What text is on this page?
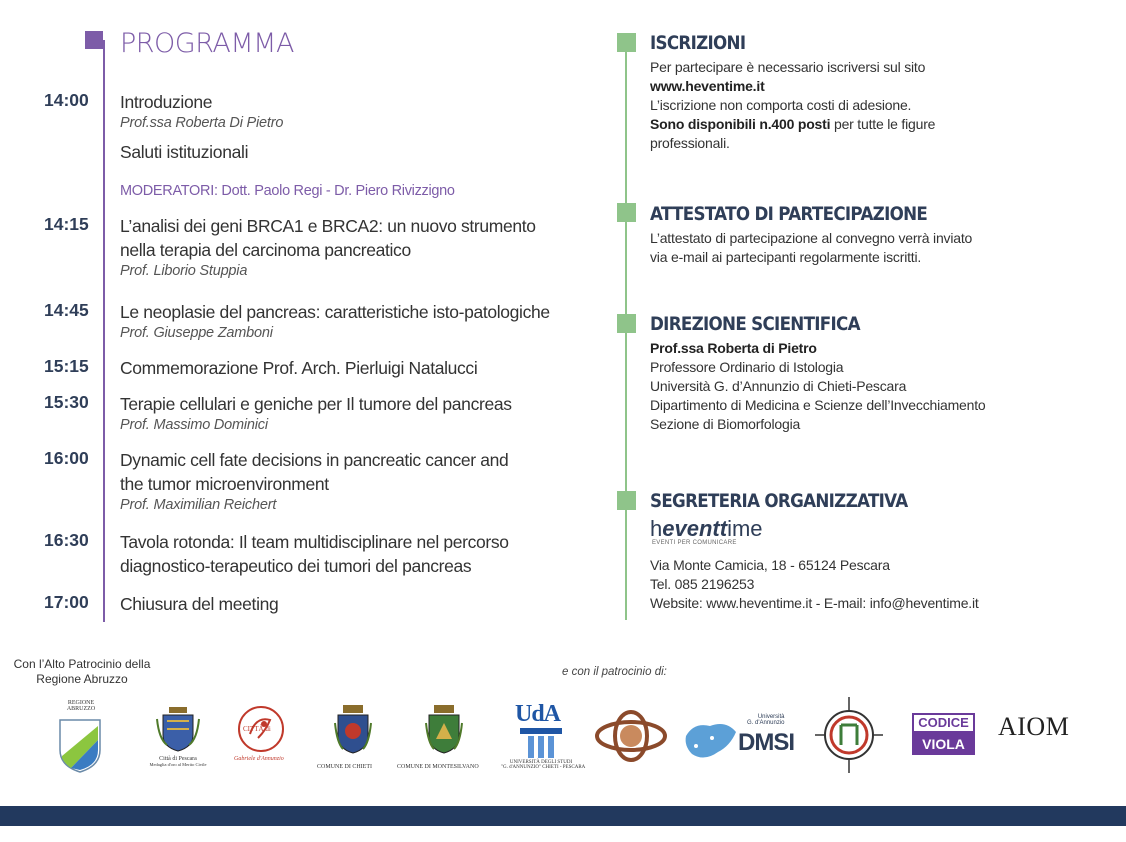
PROGRAMMA
14:00 Introduzione
Prof.ssa Roberta Di Pietro
Saluti istituzionali
MODERATORI: Dott. Paolo Regi - Dr. Piero Rivizzigno
14:15 L’analisi dei geni BRCA1 e BRCA2: un nuovo strumento
nella terapia del carcinoma pancreatico
Prof. Liborio Stuppia
14:45 Le neoplasie del pancreas: caratteristiche isto-patologiche
Prof. Giuseppe Zamboni
15:15 Commemorazione Prof. Arch. Pierluigi Natalucci
15:30 Terapie cellulari e geniche per Il tumore del pancreas
Prof. Massimo Dominici
16:00 Dynamic cell fate decisions in pancreatic cancer and
the tumor microenvironment
Prof. Maximilian Reichert
16:30 Tavola rotonda: Il team multidisciplinare nel percorso
diagnostico-terapeutico dei tumori del pancreas
17:00 Chiusura del meeting
ISCRIZIONI
Per partecipare è necessario iscriversi sul sito
www.heventime.it
L’iscrizione non comporta costi di adesione.
Sono disponibili n.400 posti per tutte le figure
professionali.
ATTESTATO DI PARTECIPAZIONE
L’attestato di partecipazione al convegno verrà inviato
via e-mail ai partecipanti regolarmente iscritti.
DIREZIONE SCIENTIFICA
Prof.ssa Roberta di Pietro
Professore Ordinario di Istologia
Università G. d’Annunzio di Chieti-Pescara
Dipartimento di Medicina e Scienze dell’Invecchiamento
Sezione di Biomorfologia
SEGRETERIA ORGANIZZATIVA
h event t ime
EVENTI PER COMUNICARE
Via Monte Camicia, 18 - 65124 Pescara
Tel. 085 2196253
Website: www.heventime.it - E-mail: info@heventime.it
Con l’Alto Patrocinio della
Regione Abruzzo	e con il patrocinio di:
REGIONE ABRUZZO
Città di Pescara
Medaglia d'oro al Merito Civile
CITTÀ di
Gabriele d'Annunzio
COMUNE DI CHIETI	COMUNE DI MONTESILVANO
UdA
UNIVERSITÀ DEGLI STUDI
"G. d'ANNUNZIO" CHIETI - PESCARA
Università
G. d'Annunzio
DMSI
CODICE
VIOLA
AIOM
